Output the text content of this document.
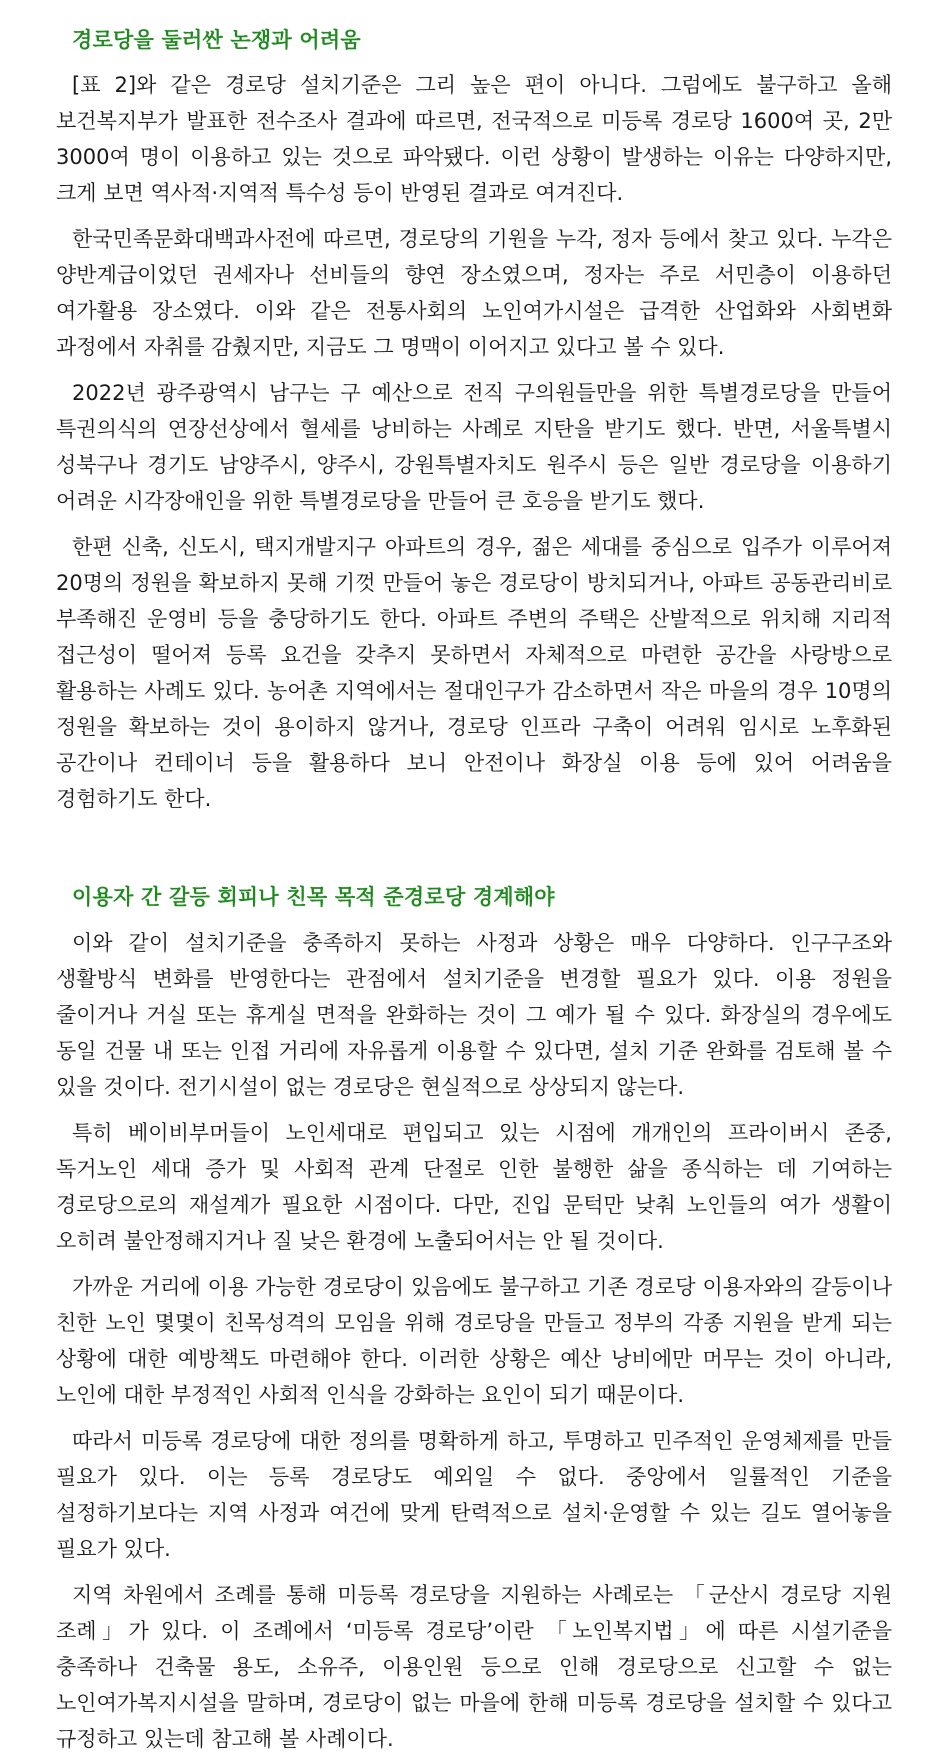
경로당을 둘러싼 논쟁과 어려움

[표 2]와 같은 경로당 설치기준은 그리 높은 편이 아니다. 그럼에도 불구하고 올해 보건복지부가 발표한 전수조사 결과에 따르면, 전국적으로 미등록 경로당 1600여 곳, 2만 3000여 명이 이용하고 있는 것으로 파악됐다. 이런 상황이 발생하는 이유는 다양하지만, 크게 보면 역사적·지역적 특수성 등이 반영된 결과로 여겨진다.

한국민족문화대백과사전에 따르면, 경로당의 기원을 누각, 정자 등에서 찾고 있다. 누각은 양반계급이었던 권세자나 선비들의 향연 장소였으며, 정자는 주로 서민층이 이용하던 여가활용 장소였다. 이와 같은 전통사회의 노인여가시설은 급격한 산업화와 사회변화 과정에서 자취를 감췄지만, 지금도 그 명맥이 이어지고 있다고 볼 수 있다.

2022년 광주광역시 남구는 구 예산으로 전직 구의원들만을 위한 특별경로당을 만들어 특권의식의 연장선상에서 혈세를 낭비하는 사례로 지탄을 받기도 했다. 반면, 서울특별시 성북구나 경기도 남양주시, 양주시, 강원특별자치도 원주시 등은 일반 경로당을 이용하기 어려운 시각장애인을 위한 특별경로당을 만들어 큰 호응을 받기도 했다.

한편 신축, 신도시, 택지개발지구 아파트의 경우, 젊은 세대를 중심으로 입주가 이루어져 20명의 정원을 확보하지 못해 기껏 만들어 놓은 경로당이 방치되거나, 아파트 공동관리비로 부족해진 운영비 등을 충당하기도 한다. 아파트 주변의 주택은 산발적으로 위치해 지리적 접근성이 떨어져 등록 요건을 갖추지 못하면서 자체적으로 마련한 공간을 사랑방으로 활용하는 사례도 있다. 농어촌 지역에서는 절대인구가 감소하면서 작은 마을의 경우 10명의 정원을 확보하는 것이 용이하지 않거나, 경로당 인프라 구축이 어려워 임시로 노후화된 공간이나 컨테이너 등을 활용하다 보니 안전이나 화장실 이용 등에 있어 어려움을 경험하기도 한다.

이용자 간 갈등 회피나 친목 목적 준경로당 경계해야

이와 같이 설치기준을 충족하지 못하는 사정과 상황은 매우 다양하다. 인구구조와 생활방식 변화를 반영한다는 관점에서 설치기준을 변경할 필요가 있다. 이용 정원을 줄이거나 거실 또는 휴게실 면적을 완화하는 것이 그 예가 될 수 있다. 화장실의 경우에도 동일 건물 내 또는 인접 거리에 자유롭게 이용할 수 있다면, 설치 기준 완화를 검토해 볼 수 있을 것이다. 전기시설이 없는 경로당은 현실적으로 상상되지 않는다.

특히 베이비부머들이 노인세대로 편입되고 있는 시점에 개개인의 프라이버시 존중, 독거노인 세대 증가 및 사회적 관계 단절로 인한 불행한 삶을 종식하는 데 기여하는 경로당으로의 재설계가 필요한 시점이다. 다만, 진입 문턱만 낮춰 노인들의 여가 생활이 오히려 불안정해지거나 질 낮은 환경에 노출되어서는 안 될 것이다.

가까운 거리에 이용 가능한 경로당이 있음에도 불구하고 기존 경로당 이용자와의 갈등이나 친한 노인 몇몇이 친목성격의 모임을 위해 경로당을 만들고 정부의 각종 지원을 받게 되는 상황에 대한 예방책도 마련해야 한다. 이러한 상황은 예산 낭비에만 머무는 것이 아니라, 노인에 대한 부정적인 사회적 인식을 강화하는 요인이 되기 때문이다.

따라서 미등록 경로당에 대한 정의를 명확하게 하고, 투명하고 민주적인 운영체제를 만들 필요가 있다. 이는 등록 경로당도 예외일 수 없다. 중앙에서 일률적인 기준을 설정하기보다는 지역 사정과 여건에 맞게 탄력적으로 설치·운영할 수 있는 길도 열어놓을 필요가 있다.

지역 차원에서 조례를 통해 미등록 경로당을 지원하는 사례로는 「군산시 경로당 지원 조례」가 있다. 이 조례에서 ‘미등록 경로당’이란 「노인복지법」에 따른 시설기준을 충족하나 건축물 용도, 소유주, 이용인원 등으로 인해 경로당으로 신고할 수 없는 노인여가복지시설을 말하며, 경로당이 없는 마을에 한해 미등록 경로당을 설치할 수 있다고 규정하고 있는데 참고해 볼 사례이다.
